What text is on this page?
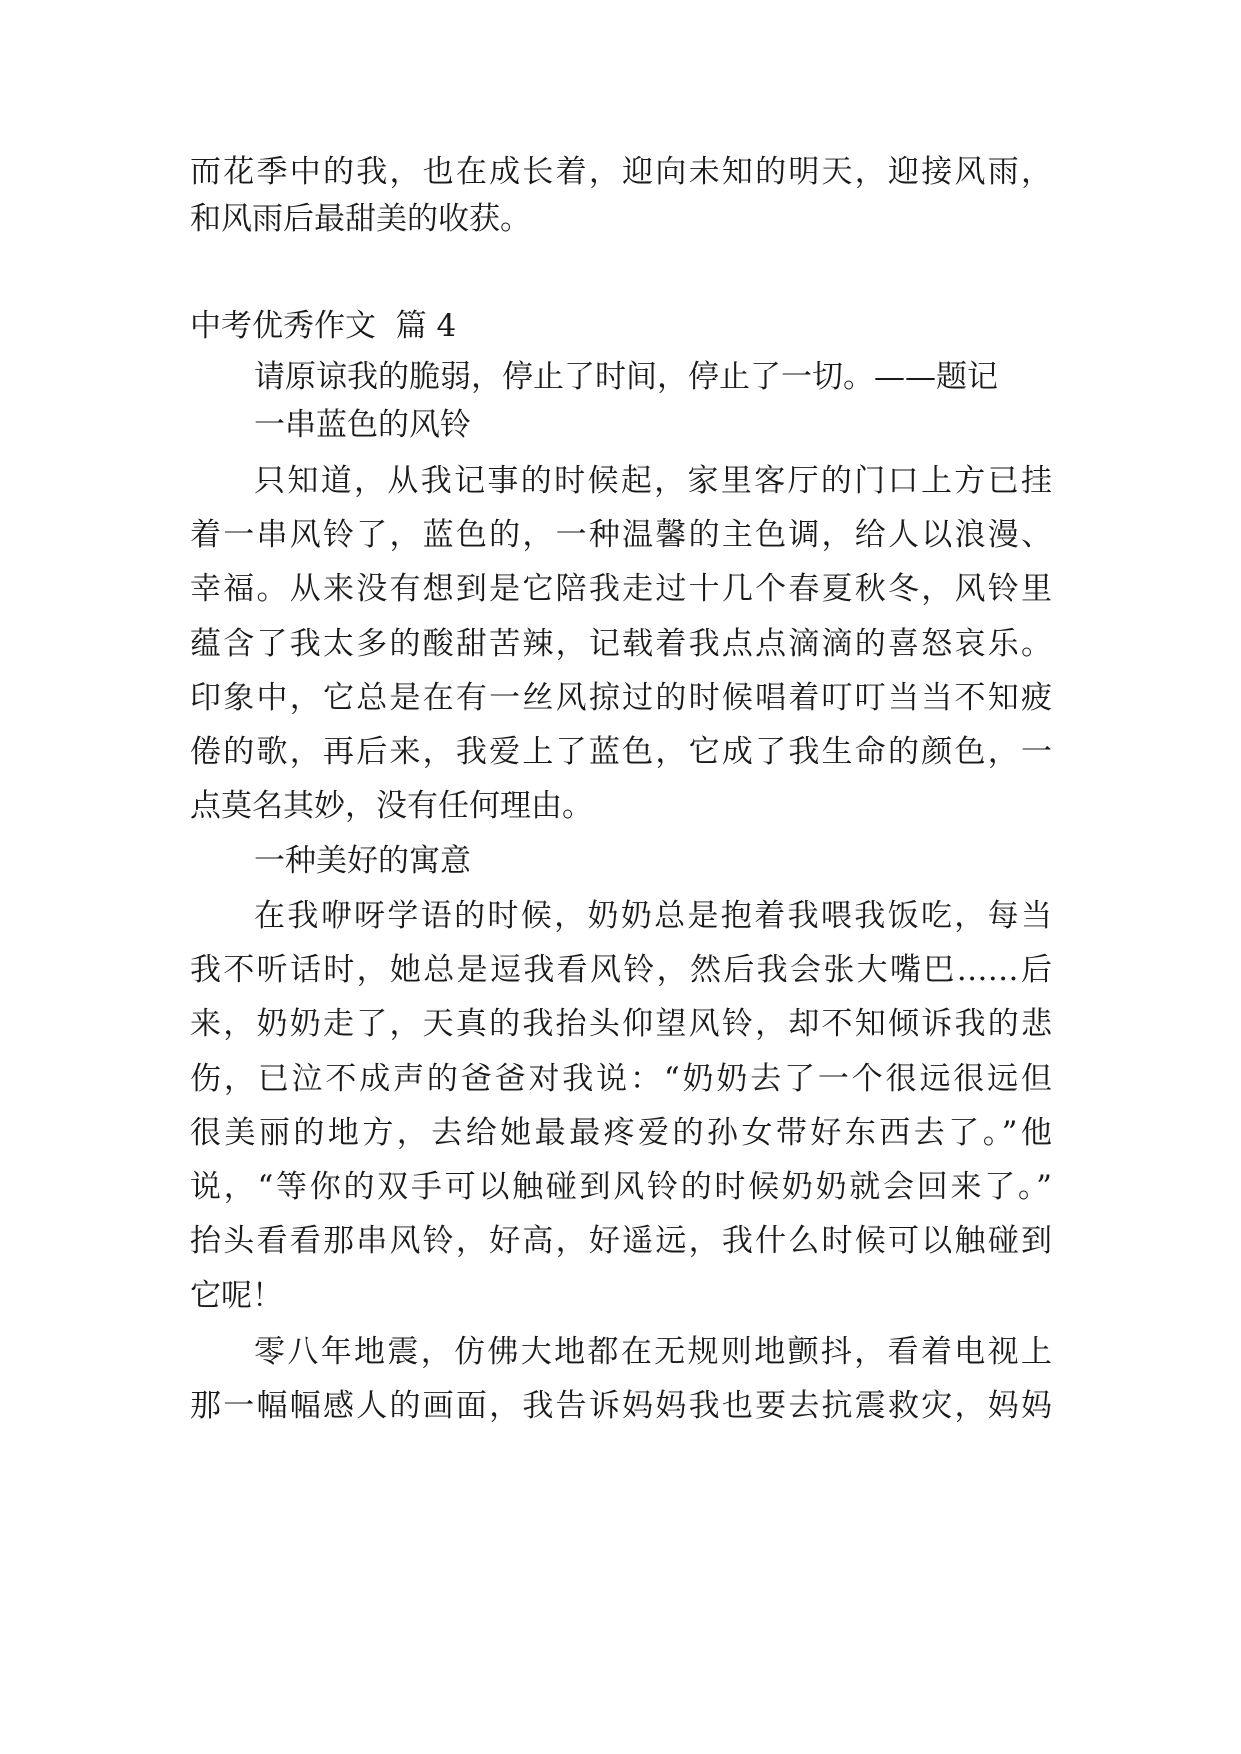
而花季中的我，也在成长着，迎向未知的明天，迎接风雨，
和风雨后最甜美的收获。
中考优秀作文  篇 4
请原谅我的脆弱，停止了时间，停止了一切。——题记
一串蓝色的风铃
只知道，从我记事的时候起，家里客厅的门口上方已挂
着一串风铃了，蓝色的，一种温馨的主色调，给人以浪漫、
幸福。从来没有想到是它陪我走过十几个春夏秋冬，风铃里
蕴含了我太多的酸甜苦辣，记载着我点点滴滴的喜怒哀乐。
印象中，它总是在有一丝风掠过的时候唱着叮叮当当不知疲
倦的歌，再后来，我爱上了蓝色，它成了我生命的颜色，一
点莫名其妙，没有任何理由。
一种美好的寓意
在我咿呀学语的时候，奶奶总是抱着我喂我饭吃，每当
我不听话时，她总是逗我看风铃，然后我会张大嘴巴……后
来，奶奶走了，天真的我抬头仰望风铃，却不知倾诉我的悲
伤，已泣不成声的爸爸对我说：“奶奶去了一个很远很远但
很美丽的地方，去给她最最疼爱的孙女带好东西去了。”他
说，“等你的双手可以触碰到风铃的时候奶奶就会回来了。”
抬头看看那串风铃，好高，好遥远，我什么时候可以触碰到
它呢！
零八年地震，仿佛大地都在无规则地颤抖，看着电视上
那一幅幅感人的画面，我告诉妈妈我也要去抗震救灾，妈妈
